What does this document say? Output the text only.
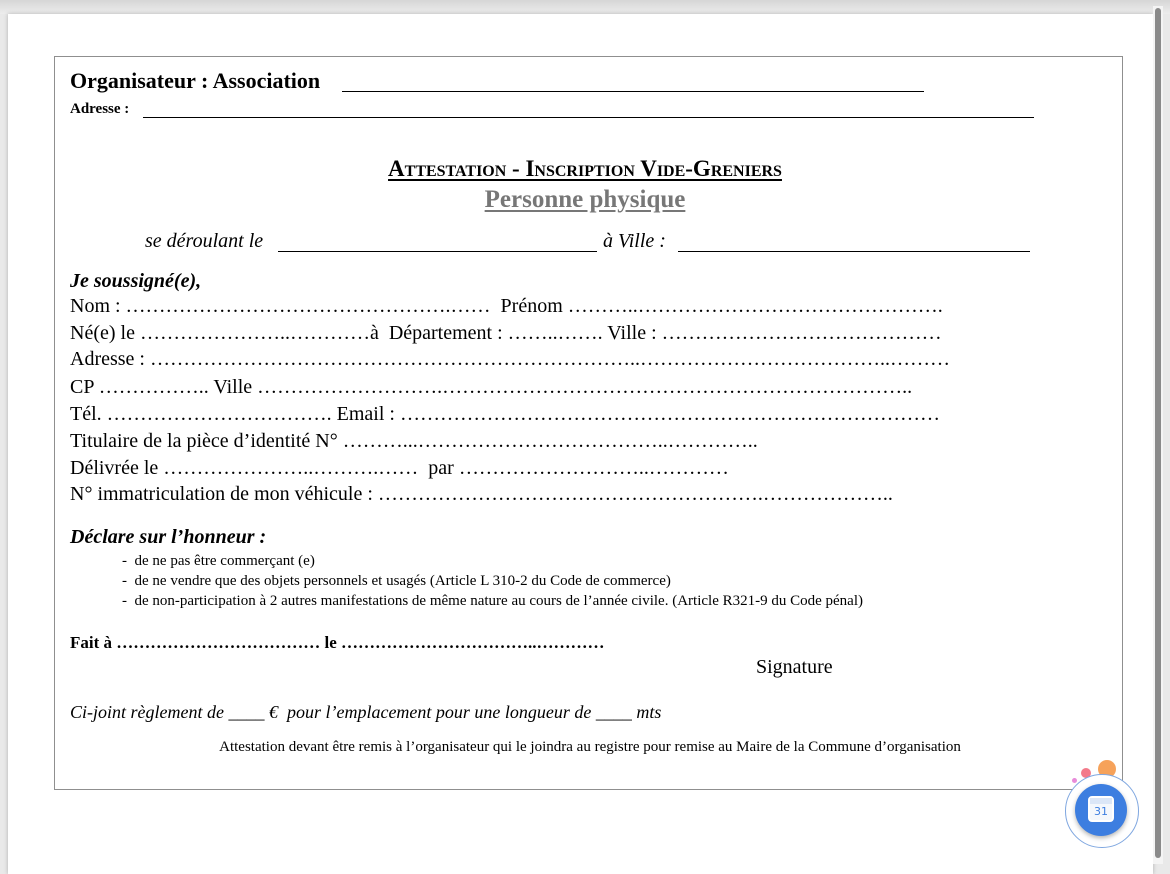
Organisateur : Association
Adresse :
Attestation - Inscription Vide-Greniers
Personne physique
se déroulant le	à Ville :
Je soussigné(e),
Nom : ………………………………………….……  Prénom ………..……………………………………….
Né(e) le …………………..…………à  Département : ……..……. Ville : ……………………………………
Adresse : ………………………………………………………………..………………………………..………
CP …………….. Ville ……………………….……………………………………………………………..
Tél. ……………………………. Email : ………………………………………………………………………
Titulaire de la pièce d’identité N° ………...………………………………..…………..
Délivrée le …………………..……….……  par ………………………..…………
N° immatriculation de mon véhicule : ………………………………………………….………………..
Déclare sur l’honneur :
-  de ne pas être commerçant (e)
-  de ne vendre que des objets personnels et usagés (Article L 310-2 du Code de commerce)
-  de non-participation à 2 autres manifestations de même nature au cours de l’année civile. (Article R321-9 du Code pénal)
Fait à ……………………………… le ……………………………..…………
Signature
Ci-joint règlement de ____ €  pour l’emplacement pour une longueur de ____ mts
Attestation devant être remis à l’organisateur qui le joindra au registre pour remise au Maire de la Commune d’organisation
31
